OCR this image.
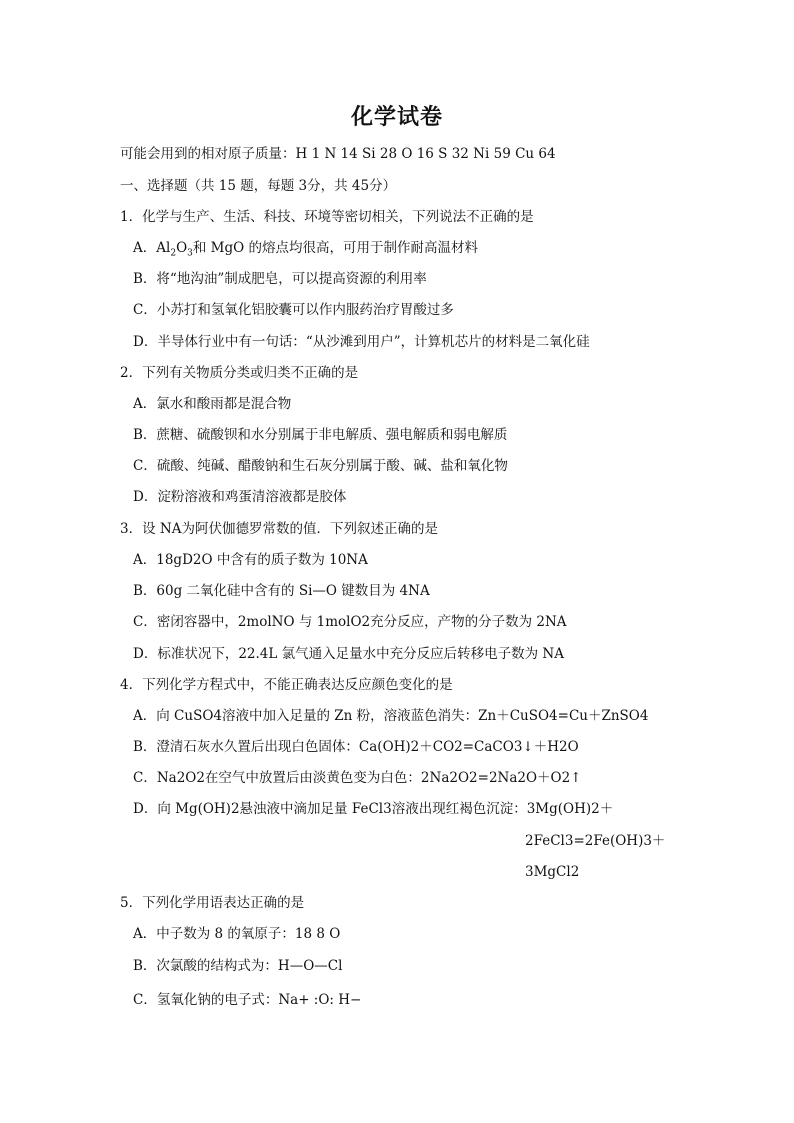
化学试卷
可能会用到的相对原子质量：H 1 N 14 Si 28 O 16 S 32 Ni 59 Cu 64
一、选择题（共 15 题，每题 3分，共 45分）
1．化学与生产、生活、科技、环境等密切相关，下列说法不正确的是
A．$Al_2O_3$和 MgO 的熔点均很高，可用于制作耐高温材料
B．将“地沟油”制成肥皂，可以提高资源的利用率
C．小苏打和氢氧化铝胶囊可以作内服药治疗胃酸过多
D．半导体行业中有一句话：“从沙滩到用户”，计算机芯片的材料是二氧化硅
2．下列有关物质分类或归类不正确的是
A．氯水和酸雨都是混合物
B．蔗糖、硫酸钡和水分别属于非电解质、强电解质和弱电解质
C．硫酸、纯碱、醋酸钠和生石灰分别属于酸、碱、盐和氧化物
D．淀粉溶液和鸡蛋清溶液都是胶体
3．设 NA为阿伏伽德罗常数的值．下列叙述正确的是
A．18gD2O 中含有的质子数为 10NA
B．60g 二氧化硅中含有的 Si—O 键数目为 4NA
C．密闭容器中，2molNO 与 1molO2充分反应，产物的分子数为 2NA
D．标准状况下，22.4L 氯气通入足量水中充分反应后转移电子数为 NA
4．下列化学方程式中，不能正确表达反应颜色变化的是
A．向 CuSO4溶液中加入足量的 Zn 粉，溶液蓝色消失：Zn＋CuSO4=Cu＋ZnSO4
B．澄清石灰水久置后出现白色固体：Ca(OH)2＋CO2=CaCO3↓＋H2O
C．Na2O2在空气中放置后由淡黄色变为白色：2Na2O2=2Na2O＋O2↑
D．向 Mg(OH)2悬浊液中滴加足量 FeCl3溶液出现红褐色沉淀：3Mg(OH)2＋
2FeCl3=2Fe(OH)3＋
3MgCl2
5．下列化学用语表达正确的是
A．中子数为 8 的氧原子：18 8 O
B．次氯酸的结构式为：H—O—Cl
C．氢氧化钠的电子式：Na+ :O: H−
